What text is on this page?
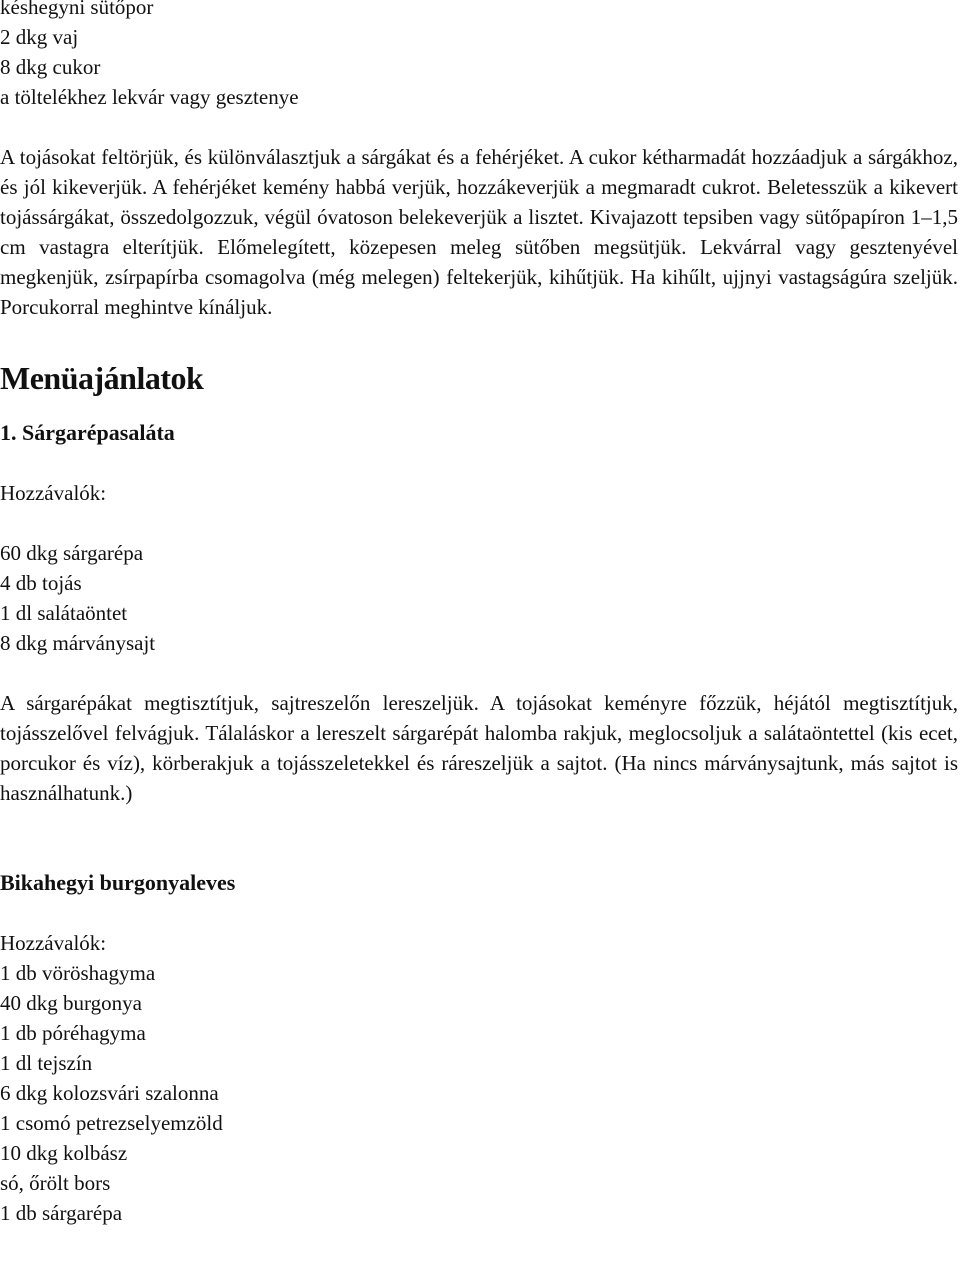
késhegyni sütőpor
2 dkg vaj
8 dkg cukor
a töltelékhez lekvár vagy gesztenye

A tojásokat feltörjük, és különválasztjuk a sárgákat és a fehérjéket. A cukor kétharmadát hozzáadjuk a sárgákhoz, és jól kikeverjük. A fehérjéket kemény habbá verjük, hozzákeverjük a megmaradt cukrot. Beletesszük a kikevert tojássárgákat, összedolgozzuk, végül óvatoson belekeverjük a lisztet. Kivajazott tepsiben vagy sütőpapíron 1–1,5 cm vastagra elterítjük. Előmelegített, közepesen meleg sütőben megsütjük. Lekvárral vagy gesztenyével megkenjük, zsírpapírba csomagolva (még melegen) feltekerjük, kihűtjük. Ha kihűlt, ujjnyi vastagságúra szeljük. Porcukorral meghintve kínáljuk.

Menüajánlatok
1. Sárgarépasaláta
Hozzávalók:
60 dkg sárgarépa
4 db tojás
1 dl salátaöntet
8 dkg márványsajt

A sárgarépákat megtisztítjuk, sajtreszelőn lereszeljük. A tojásokat keményre főzzük, héjától megtisztítjuk, tojásszelővel felvágjuk. Tálaláskor a lereszelt sárgarépát halomba rakjuk, meglocsoljuk a salátaöntettel (kis ecet, porcukor és víz), körberakjuk a tojásszeletekkel és ráreszeljük a sajtot. (Ha nincs márványsajtunk, más sajtot is használhatunk.)

Bikahegyi burgonyaleves
Hozzávalók:
1 db vöröshagyma
40 dkg burgonya
1 db póréhagyma
1 dl tejszín
6 dkg kolozsvári szalonna
1 csomó petrezselyemzöld
10 dkg kolbász
só, őrölt bors
1 db sárgarépa
